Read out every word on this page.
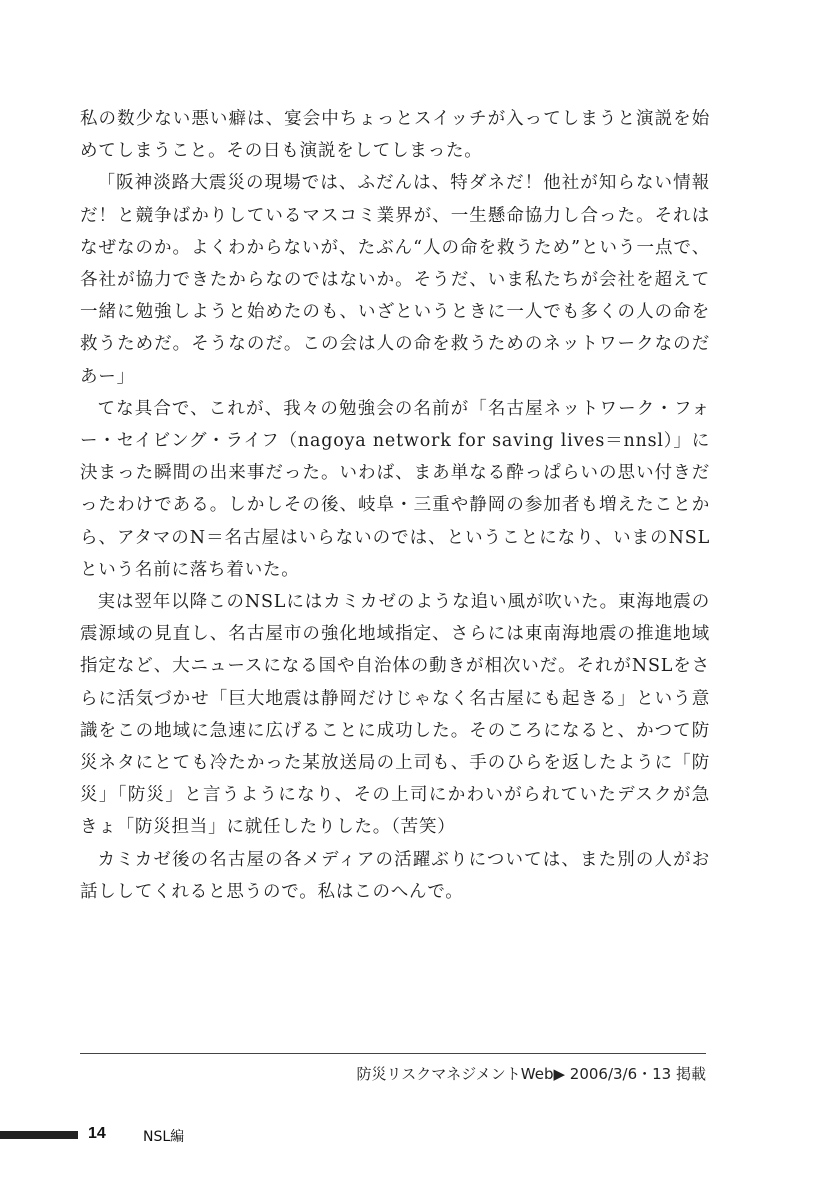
私の数少ない悪い癖は、宴会中ちょっとスイッチが入ってしまうと演説を始めてしまうこと。その日も演説をしてしまった。

「阪神淡路大震災の現場では、ふだんは、特ダネだ！他社が知らない情報だ！と競争ばかりしているマスコミ業界が、一生懸命協力し合った。それはなぜなのか。よくわからないが、たぶん“人の命を救うため”という一点で、各社が協力できたからなのではないか。そうだ、いま私たちが会社を超えて一緒に勉強しようと始めたのも、いざというときに一人でも多くの人の命を救うためだ。そうなのだ。この会は人の命を救うためのネットワークなのだあー」

てな具合で、これが、我々の勉強会の名前が「名古屋ネットワーク・フォー・セイビング・ライフ（nagoya network for saving lives＝nnsl）」に決まった瞬間の出来事だった。いわば、まあ単なる酔っぱらいの思い付きだったわけである。しかしその後、岐阜・三重や静岡の参加者も増えたことから、アタマのN＝名古屋はいらないのでは、ということになり、いまのNSLという名前に落ち着いた。

実は翌年以降このNSLにはカミカゼのような追い風が吹いた。東海地震の震源域の見直し、名古屋市の強化地域指定、さらには東南海地震の推進地域指定など、大ニュースになる国や自治体の動きが相次いだ。それがNSLをさらに活気づかせ「巨大地震は静岡だけじゃなく名古屋にも起きる」という意識をこの地域に急速に広げることに成功した。そのころになると、かつて防災ネタにとても冷たかった某放送局の上司も、手のひらを返したように「防災」「防災」と言うようになり、その上司にかわいがられていたデスクが急きょ「防災担当」に就任したりした。（苦笑）

カミカゼ後の名古屋の各メディアの活躍ぶりについては、また別の人がお話ししてくれると思うので。私はこのへんで。

防災リスクマネジメントWeb▶ 2006/3/6・13 掲載
14	NSL編
